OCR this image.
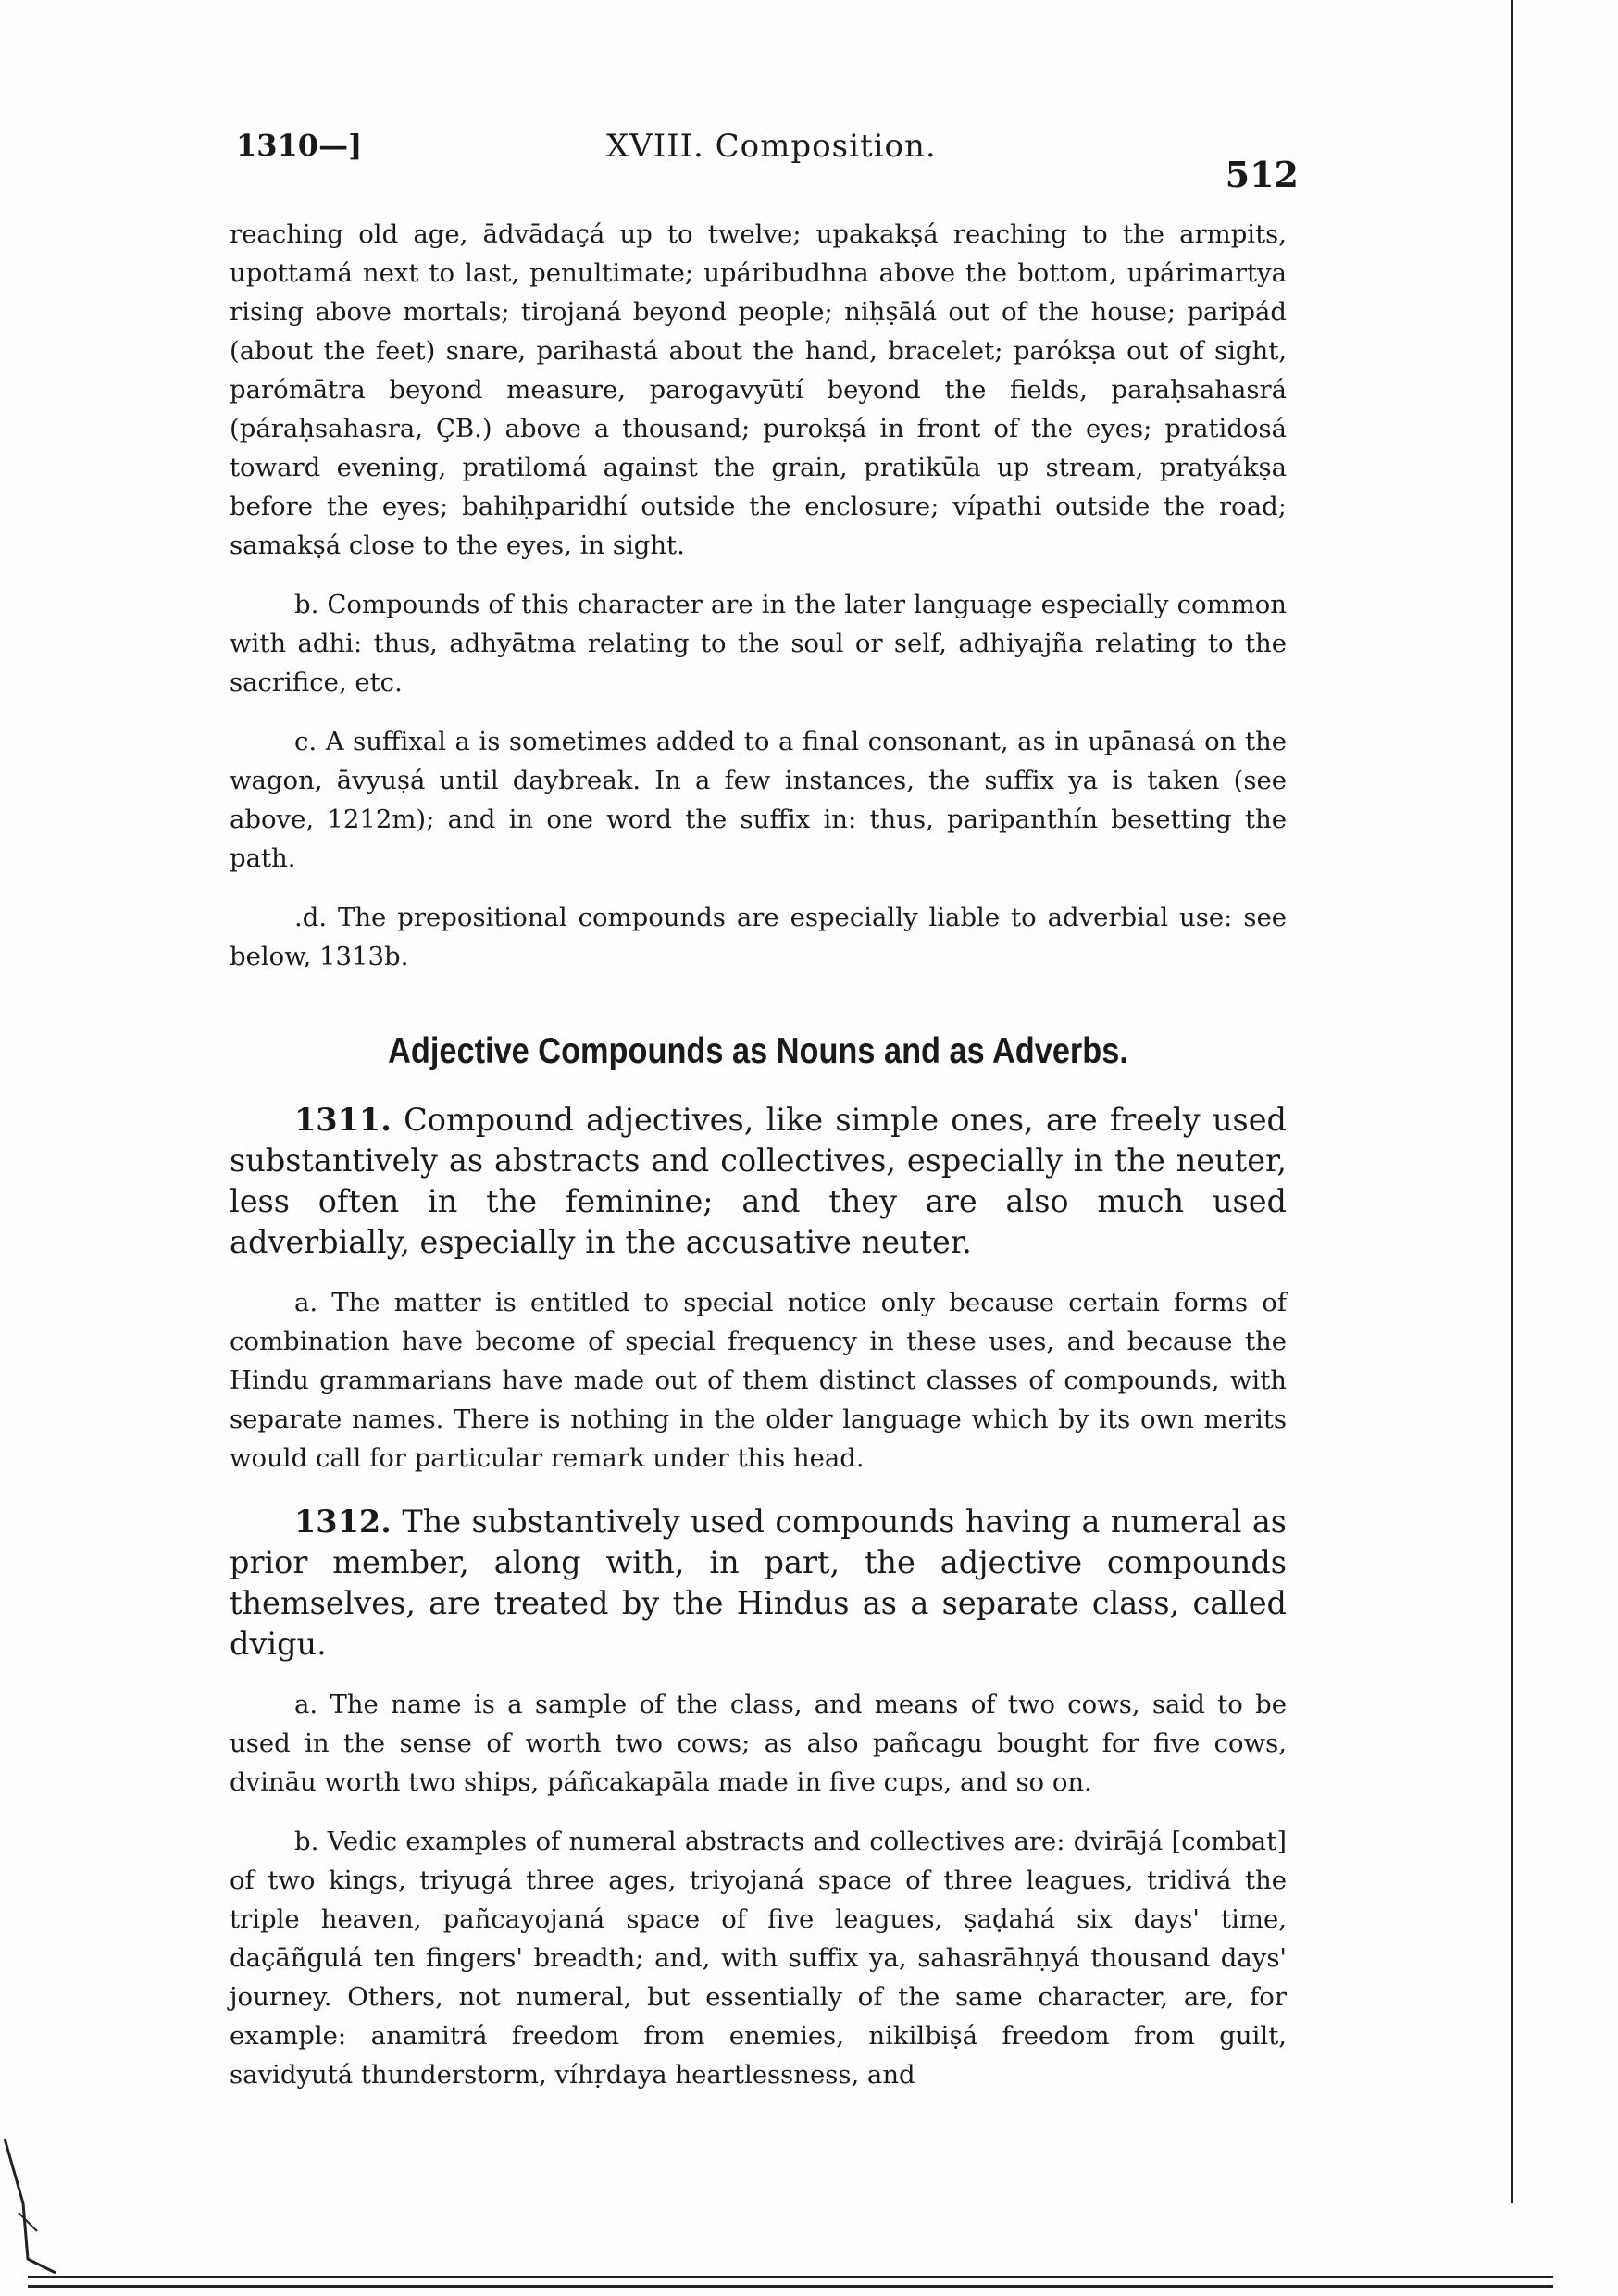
1310—]	XVIII. Composition.
512

reaching old age, ādvādaçá up to twelve; upakakṣá reaching to the armpits, upottamá next to last, penultimate; upáribudhna above the bottom, upárimartya rising above mortals; tirojaná beyond people; niḥṣālá out of the house; paripád (about the feet) snare, parihastá about the hand, bracelet; parókṣa out of sight, parómātra beyond measure, parogavyūtí beyond the fields, paraḥsahasrá (páraḥsahasra, ÇB.) above a thousand; purokṣá in front of the eyes; pratidosá toward evening, pratilomá against the grain, pratikūla up stream, pratyákṣa before the eyes; bahiḥparidhí outside the enclosure; vípathi outside the road; samakṣá close to the eyes, in sight.

b. Compounds of this character are in the later language especially common with adhi: thus, adhyātma relating to the soul or self, adhiyajña relating to the sacrifice, etc.

c. A suffixal a is sometimes added to a final consonant, as in upānasá on the wagon, āvyuṣá until daybreak. In a few instances, the suffix ya is taken (see above, 1212m); and in one word the suffix in: thus, paripanthín besetting the path.

.d. The prepositional compounds are especially liable to adverbial use: see below, 1313b.

Adjective Compounds as Nouns and as Adverbs.

1311. Compound adjectives, like simple ones, are freely used substantively as abstracts and collectives, especially in the neuter, less often in the feminine; and they are also much used adverbially, especially in the accusative neuter.

a. The matter is entitled to special notice only because certain forms of combination have become of special frequency in these uses, and because the Hindu grammarians have made out of them distinct classes of compounds, with separate names. There is nothing in the older language which by its own merits would call for particular remark under this head.

1312. The substantively used compounds having a numeral as prior member, along with, in part, the adjective compounds themselves, are treated by the Hindus as a separate class, called dvigu.

a. The name is a sample of the class, and means of two cows, said to be used in the sense of worth two cows; as also pañcagu bought for five cows, dvināu worth two ships, páñcakapāla made in five cups, and so on.

b. Vedic examples of numeral abstracts and collectives are: dvirājá [combat] of two kings, triyugá three ages, triyojaná space of three leagues, tridivá the triple heaven, pañcayojaná space of five leagues, ṣaḍahá six days' time, daçāñgulá ten fingers' breadth; and, with suffix ya, sahasrāhṇyá thousand days' journey. Others, not numeral, but essentially of the same character, are, for example: anamitrá freedom from enemies, nikilbiṣá freedom from guilt, savidyutá thunderstorm, víhṛdaya heartlessness, and
